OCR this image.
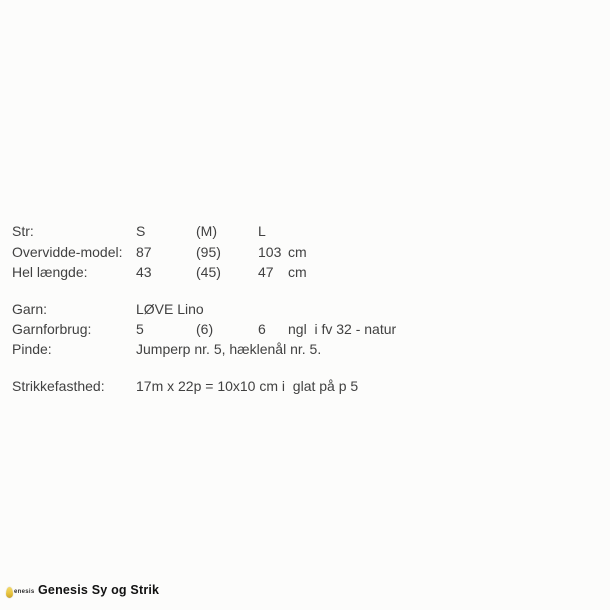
Str:	S	(M)	L
Overvidde-model: 87	(95)	103 cm
Hel længde:	43	(45)	47 cm
Garn:	LØVE Lino
Garnforbrug:	5	(6)	6 ngl  i fv 32 - natur
Pinde:	Jumperp nr. 5, hæklenål nr. 5.
Strikkefasthed: 17m x 22p = 10x10 cm i  glat på p 5
enesis Genesis Sy og Strik
